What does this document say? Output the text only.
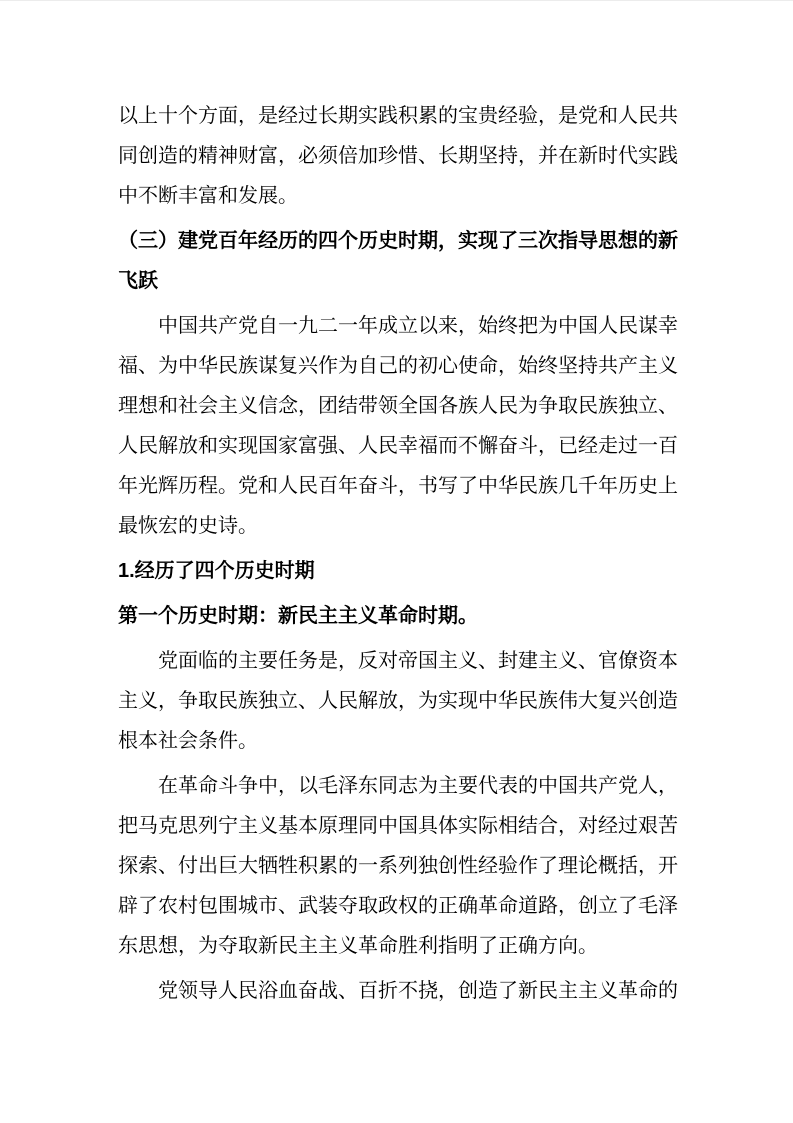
以上十个方面，是经过长期实践积累的宝贵经验，是党和人民共
同创造的精神财富，必须倍加珍惜、长期坚持，并在新时代实践
中不断丰富和发展。

（三）建党百年经历的四个历史时期，实现了三次指导思想的新
飞跃

中国共产党自一九二一年成立以来，始终把为中国人民谋幸
福、为中华民族谋复兴作为自己的初心使命，始终坚持共产主义
理想和社会主义信念，团结带领全国各族人民为争取民族独立、
人民解放和实现国家富强、人民幸福而不懈奋斗，已经走过一百
年光辉历程。党和人民百年奋斗，书写了中华民族几千年历史上
最恢宏的史诗。

1.经历了四个历史时期
第一个历史时期：新民主主义革命时期。

党面临的主要任务是，反对帝国主义、封建主义、官僚资本
主义，争取民族独立、人民解放，为实现中华民族伟大复兴创造
根本社会条件。

在革命斗争中，以毛泽东同志为主要代表的中国共产党人，
把马克思列宁主义基本原理同中国具体实际相结合，对经过艰苦
探索、付出巨大牺牲积累的一系列独创性经验作了理论概括，开
辟了农村包围城市、武装夺取政权的正确革命道路，创立了毛泽
东思想，为夺取新民主主义革命胜利指明了正确方向。

党领导人民浴血奋战、百折不挠，创造了新民主主义革命的
